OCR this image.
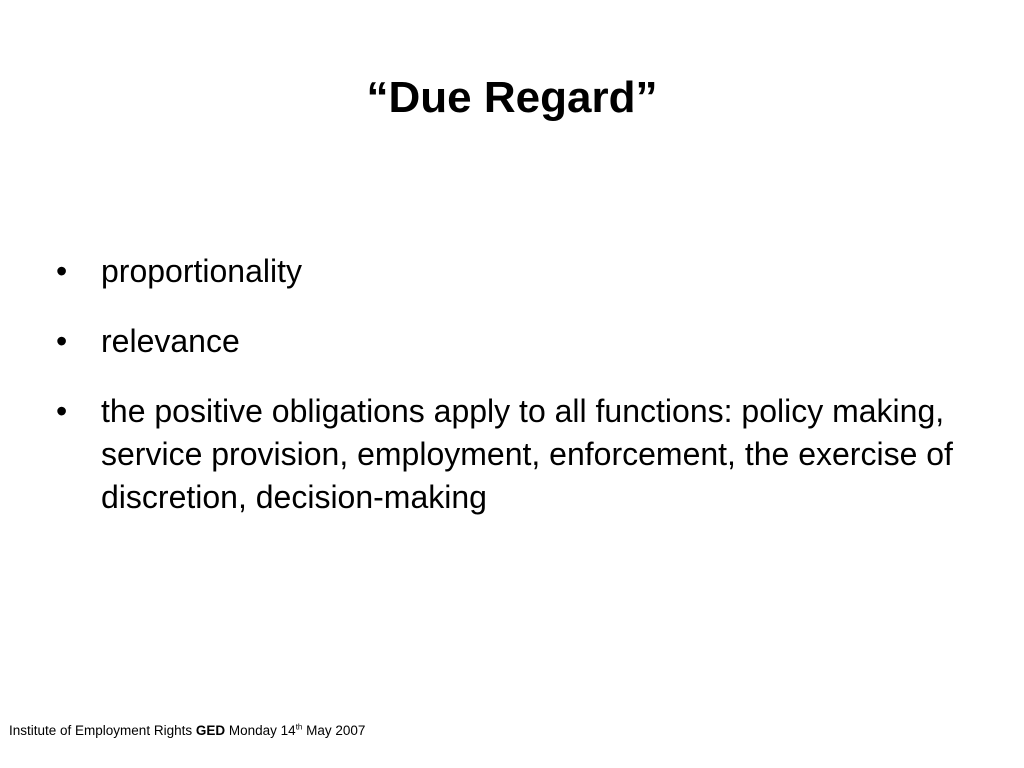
“Due Regard”
•	proportionality
•	relevance
•	the positive obligations apply to all functions: policy making, service provision, employment, enforcement, the exercise of discretion, decision-making
Institute of Employment Rights GED Monday 14th May 2007
